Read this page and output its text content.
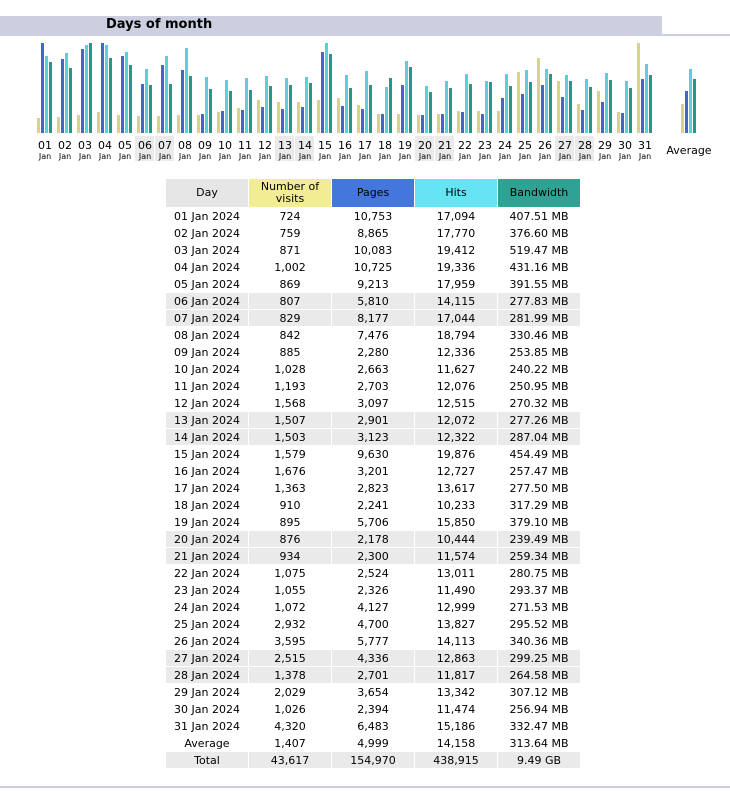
Days of month
01
Jan
02
Jan
03
Jan
04
Jan
05
Jan
06
Jan
07
Jan
08
Jan
09
Jan
10
Jan
11
Jan
12
Jan
13
Jan
14
Jan
15
Jan
16
Jan
17
Jan
18
Jan
19
Jan
20
Jan
21
Jan
22
Jan
23
Jan
24
Jan
25
Jan
26
Jan
27
Jan
28
Jan
29
Jan
30
Jan
31
Jan Average
Day	Number of visits	Pages	Hits	Bandwidth
01 Jan 2024	724	10,753	17,094	407.51 MB
02 Jan 2024	759	8,865	17,770	376.60 MB
03 Jan 2024	871	10,083	19,412	519.47 MB
04 Jan 2024	1,002	10,725	19,336	431.16 MB
05 Jan 2024	869	9,213	17,959	391.55 MB
06 Jan 2024	807	5,810	14,115	277.83 MB
07 Jan 2024	829	8,177	17,044	281.99 MB
08 Jan 2024	842	7,476	18,794	330.46 MB
09 Jan 2024	885	2,280	12,336	253.85 MB
10 Jan 2024	1,028	2,663	11,627	240.22 MB
11 Jan 2024	1,193	2,703	12,076	250.95 MB
12 Jan 2024	1,568	3,097	12,515	270.32 MB
13 Jan 2024	1,507	2,901	12,072	277.26 MB
14 Jan 2024	1,503	3,123	12,322	287.04 MB
15 Jan 2024	1,579	9,630	19,876	454.49 MB
16 Jan 2024	1,676	3,201	12,727	257.47 MB
17 Jan 2024	1,363	2,823	13,617	277.50 MB
18 Jan 2024	910	2,241	10,233	317.29 MB
19 Jan 2024	895	5,706	15,850	379.10 MB
20 Jan 2024	876	2,178	10,444	239.49 MB
21 Jan 2024	934	2,300	11,574	259.34 MB
22 Jan 2024	1,075	2,524	13,011	280.75 MB
23 Jan 2024	1,055	2,326	11,490	293.37 MB
24 Jan 2024	1,072	4,127	12,999	271.53 MB
25 Jan 2024	2,932	4,700	13,827	295.52 MB
26 Jan 2024	3,595	5,777	14,113	340.36 MB
27 Jan 2024	2,515	4,336	12,863	299.25 MB
28 Jan 2024	1,378	2,701	11,817	264.58 MB
29 Jan 2024	2,029	3,654	13,342	307.12 MB
30 Jan 2024	1,026	2,394	11,474	256.94 MB
31 Jan 2024	4,320	6,483	15,186	332.47 MB
Average	1,407	4,999	14,158	313.64 MB
Total	43,617	154,970	438,915	9.49 GB
